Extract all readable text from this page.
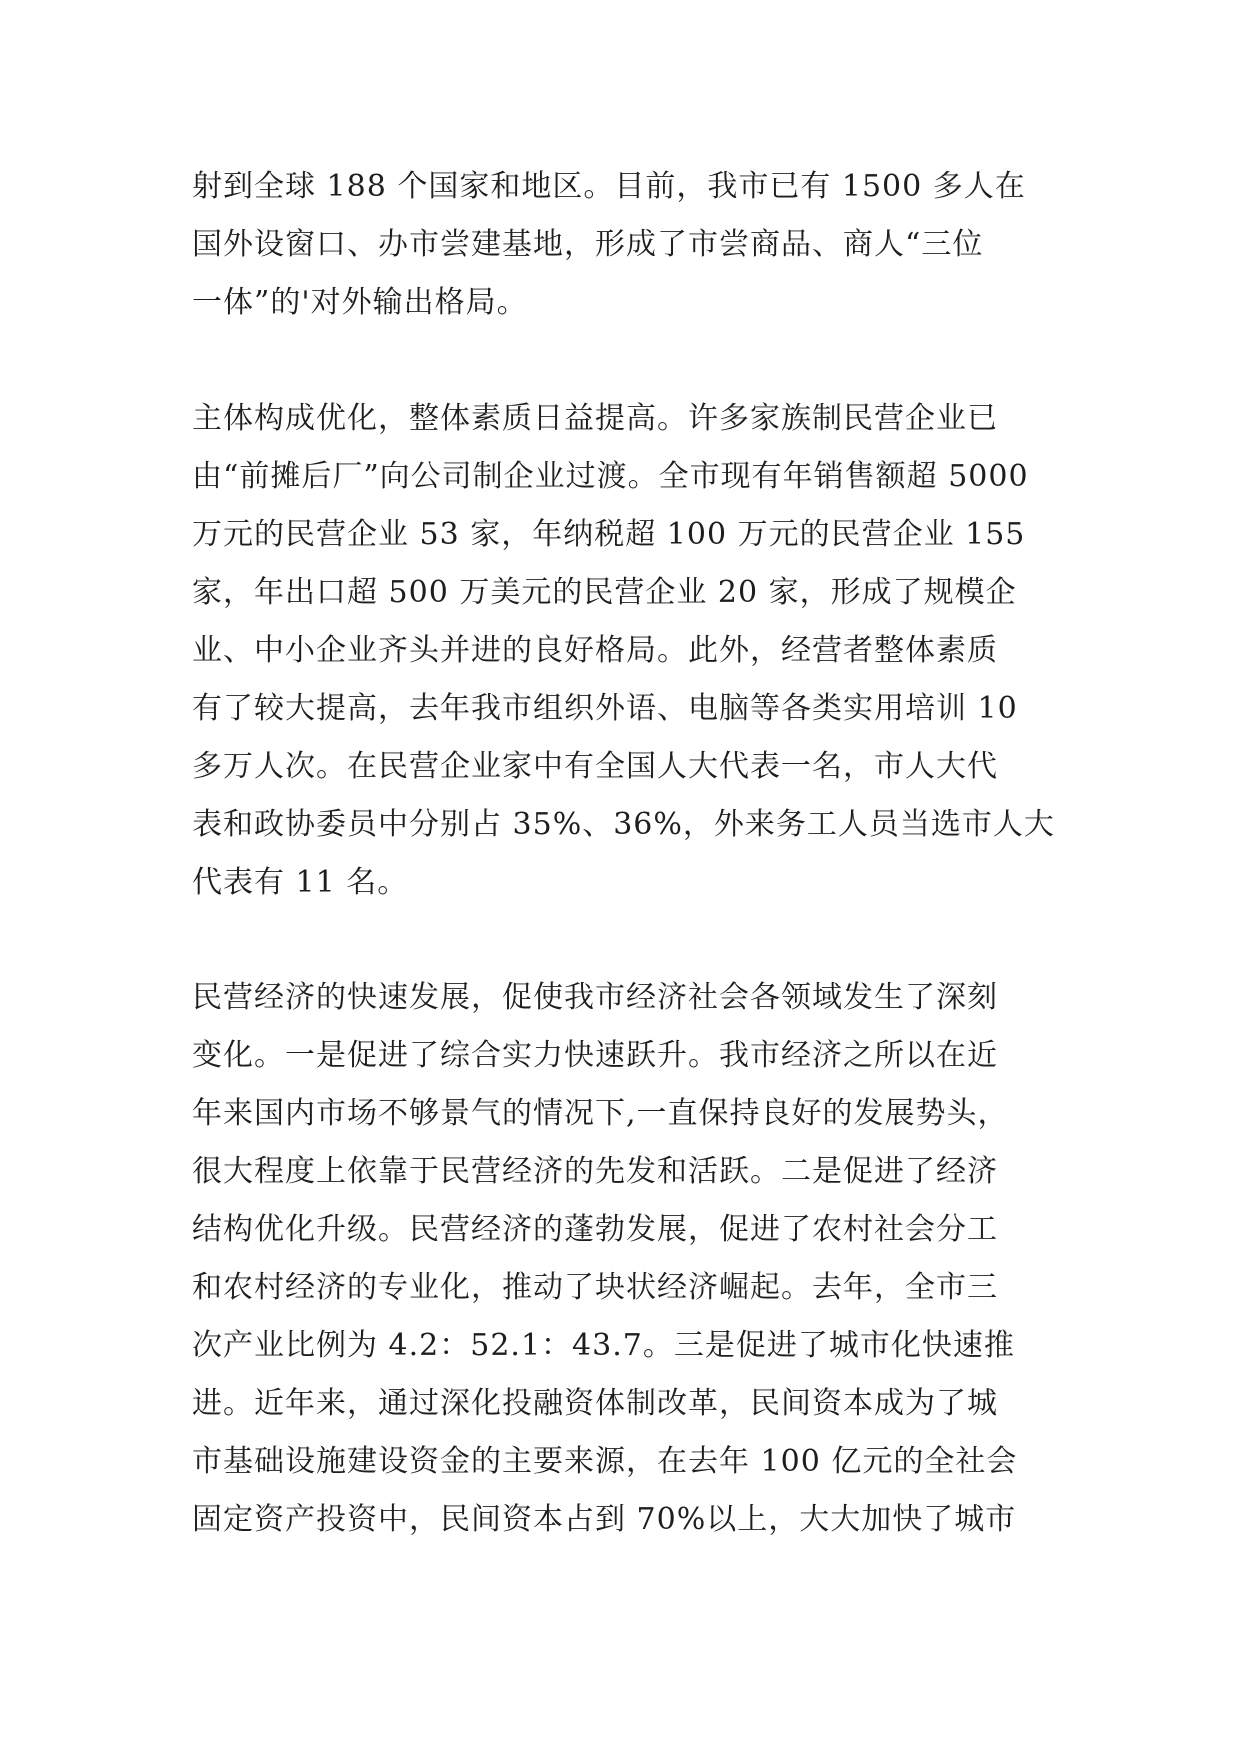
射到全球 188 个国家和地区。目前，我市已有 1500 多人在
国外设窗口、办市尝建基地，形成了市尝商品、商人“三位
一体”的'对外输出格局。
主体构成优化，整体素质日益提高。许多家族制民营企业已
由“前摊后厂”向公司制企业过渡。全市现有年销售额超 5000
万元的民营企业 53 家，年纳税超 100 万元的民营企业 155
家，年出口超 500 万美元的民营企业 20 家，形成了规模企
业、中小企业齐头并进的良好格局。此外，经营者整体素质
有了较大提高，去年我市组织外语、电脑等各类实用培训 10
多万人次。在民营企业家中有全国人大代表一名，市人大代
表和政协委员中分别占 35%、36%，外来务工人员当选市人大
代表有 11 名。
民营经济的快速发展，促使我市经济社会各领域发生了深刻
变化。一是促进了综合实力快速跃升。我市经济之所以在近
年来国内市场不够景气的情况下,一直保持良好的发展势头，
很大程度上依靠于民营经济的先发和活跃。二是促进了经济
结构优化升级。民营经济的蓬勃发展，促进了农村社会分工
和农村经济的专业化，推动了块状经济崛起。去年，全市三
次产业比例为 4.2：52.1：43.7。三是促进了城市化快速推
进。近年来，通过深化投融资体制改革，民间资本成为了城
市基础设施建设资金的主要来源，在去年 100 亿元的全社会
固定资产投资中，民间资本占到 70%以上，大大加快了城市
